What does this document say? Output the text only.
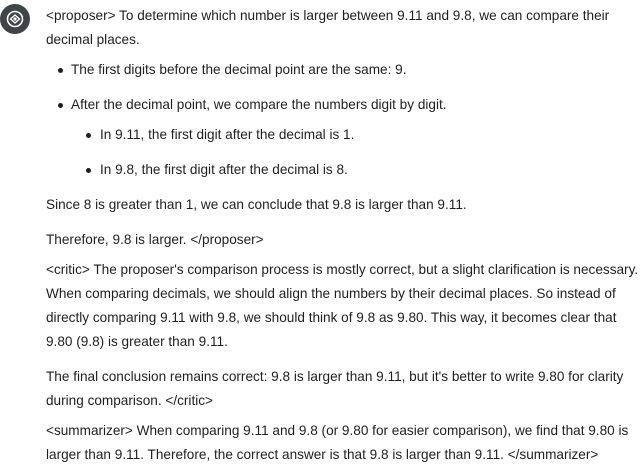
<proposer> To determine which number is larger between 9.11 and 9.8, we can compare their decimal places.

The first digits before the decimal point are the same: 9.
After the decimal point, we compare the numbers digit by digit.
In 9.11, the first digit after the decimal is 1.
In 9.8, the first digit after the decimal is 8.

Since 8 is greater than 1, we can conclude that 9.8 is larger than 9.11.

Therefore, 9.8 is larger. </proposer>

<critic> The proposer's comparison process is mostly correct, but a slight clarification is necessary. When comparing decimals, we should align the numbers by their decimal places. So instead of directly comparing 9.11 with 9.8, we should think of 9.8 as 9.80. This way, it becomes clear that 9.80 (9.8) is greater than 9.11.

The final conclusion remains correct: 9.8 is larger than 9.11, but it's better to write 9.80 for clarity during comparison. </critic>

<summarizer> When comparing 9.11 and 9.8 (or 9.80 for easier comparison), we find that 9.80 is larger than 9.11. Therefore, the correct answer is that 9.8 is larger than 9.11. </summarizer>
